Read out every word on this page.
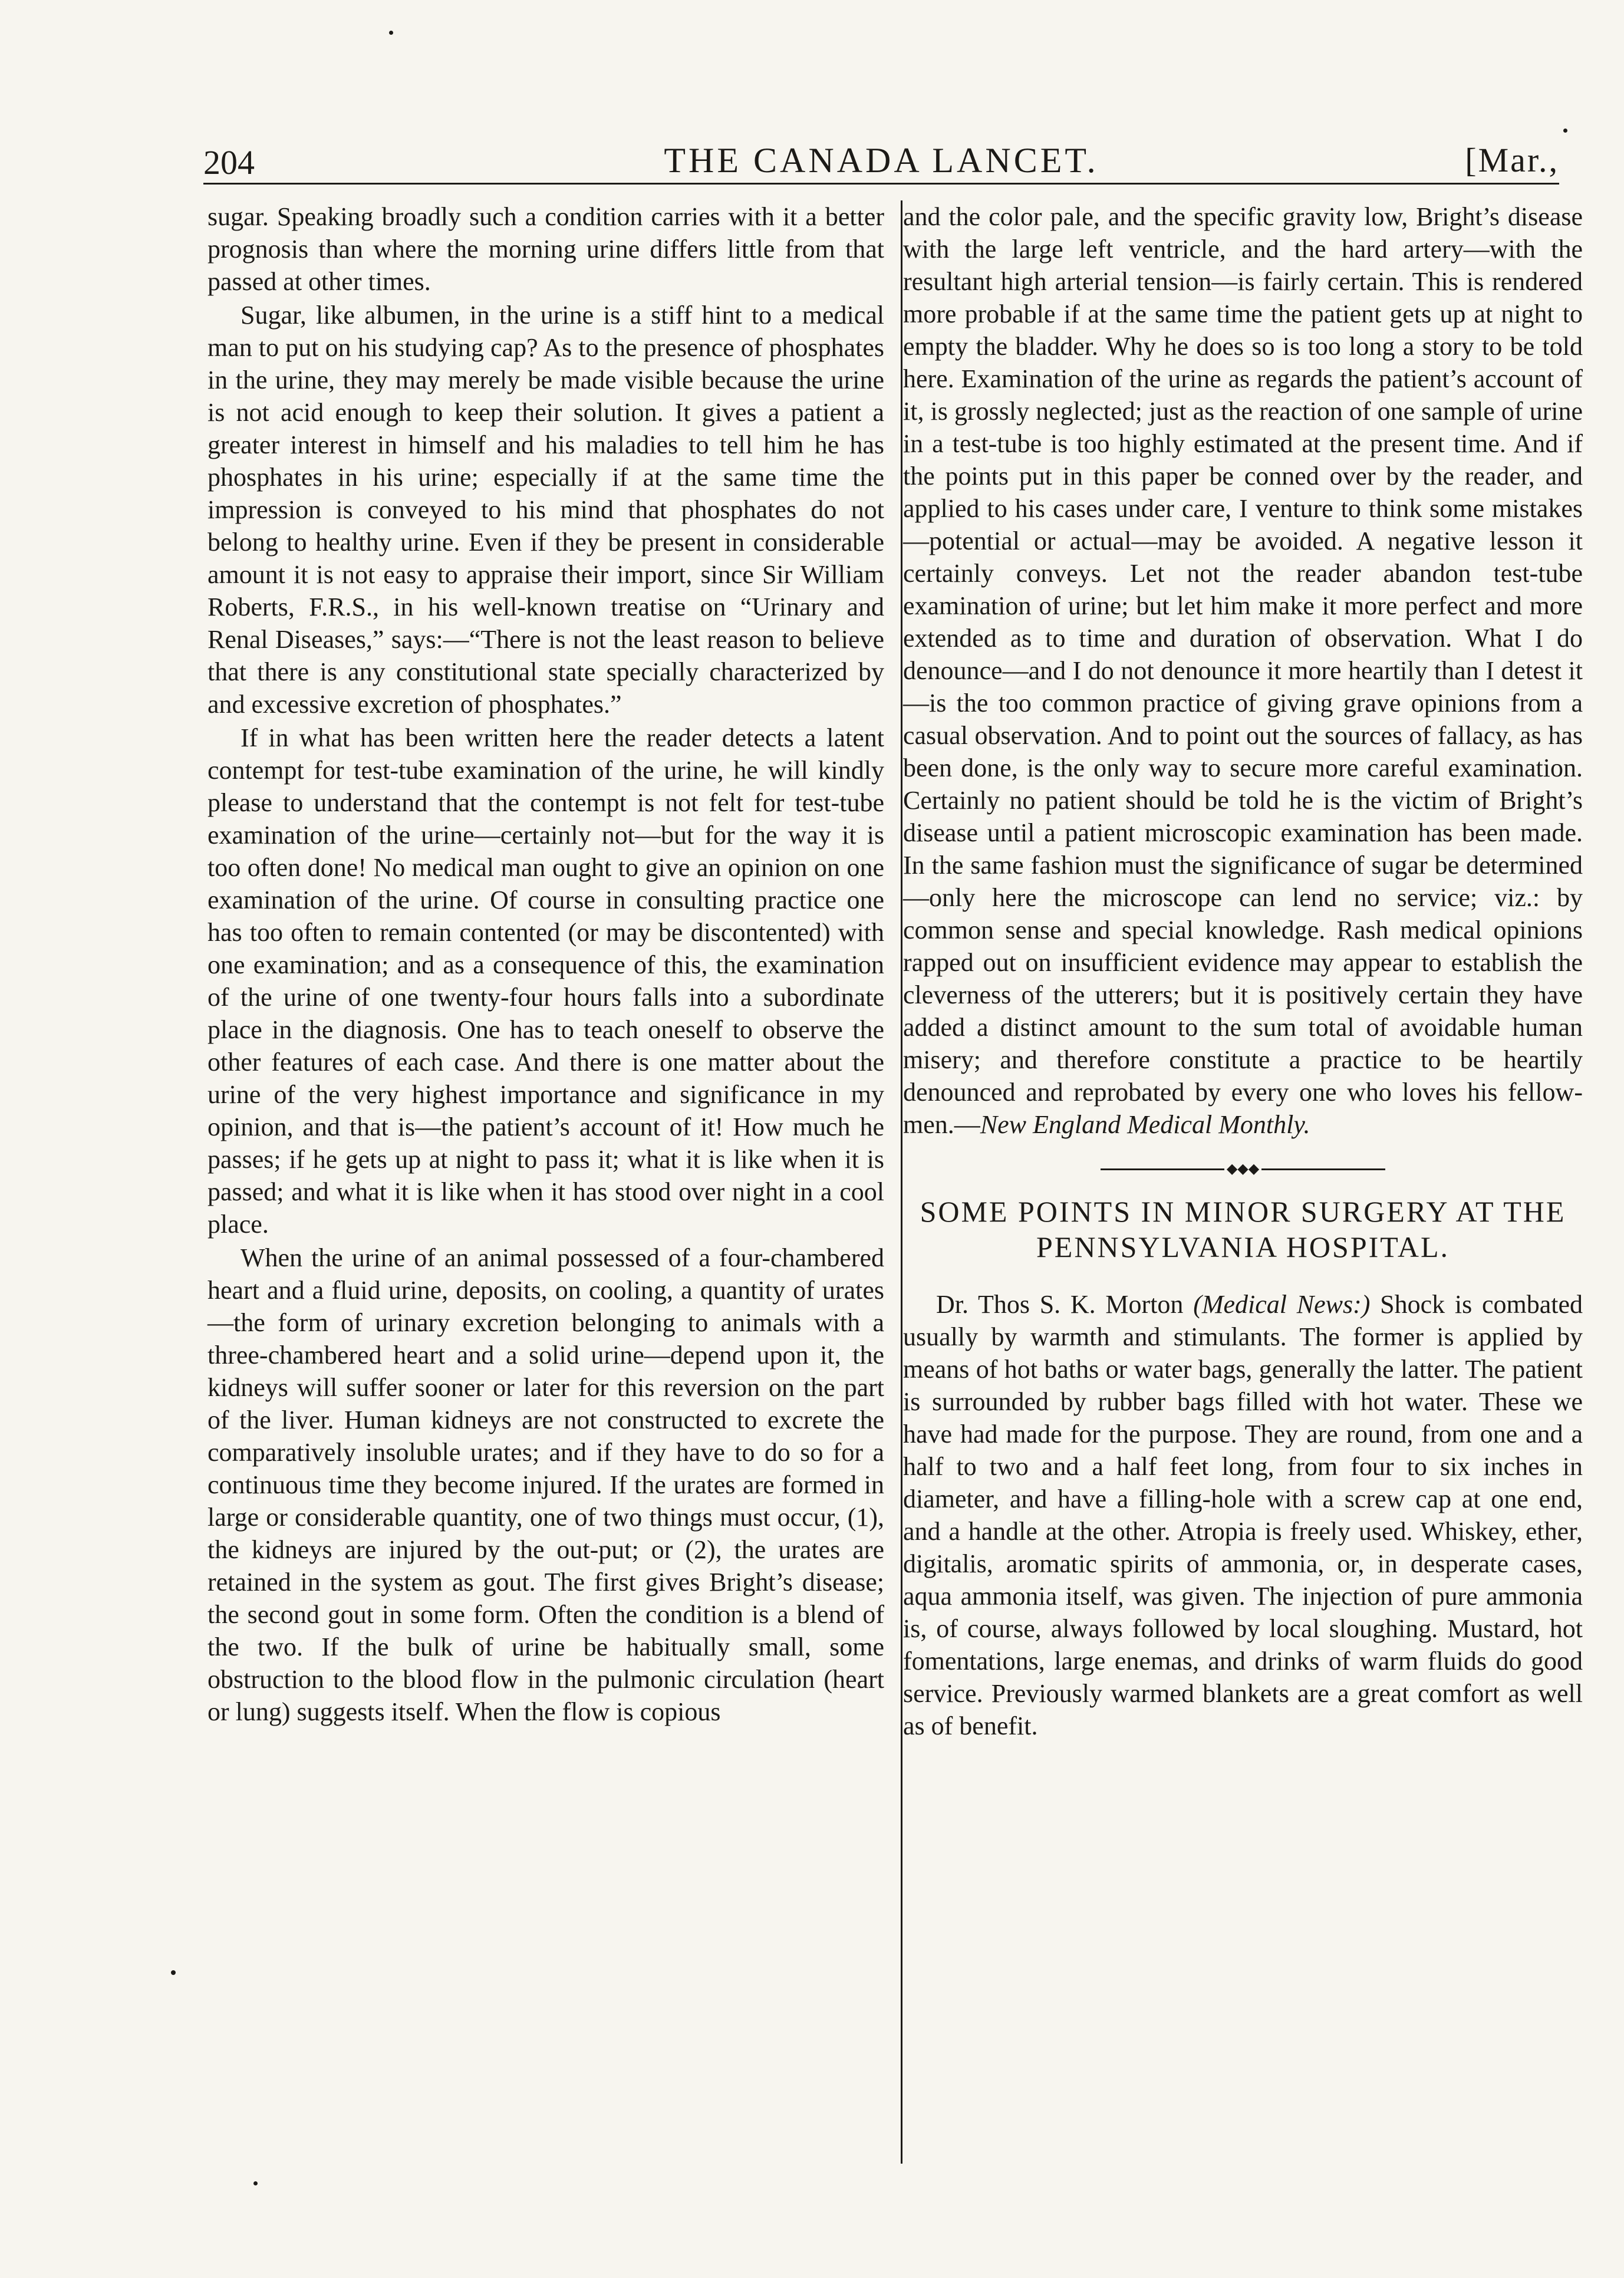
204	THE CANADA LANCET.	[Mar.,

sugar. Speaking broadly such a condition carries with it a better prognosis than where the morning urine differs little from that passed at other times.

Sugar, like albumen, in the urine is a stiff hint to a medical man to put on his studying cap? As to the presence of phosphates in the urine, they may merely be made visible because the urine is not acid enough to keep their solution. It gives a patient a greater interest in himself and his maladies to tell him he has phosphates in his urine; especially if at the same time the impression is conveyed to his mind that phosphates do not belong to healthy urine. Even if they be present in considerable amount it is not easy to appraise their import, since Sir William Roberts, F.R.S., in his well-known treatise on “Urinary and Renal Diseases,” says:—“There is not the least reason to believe that there is any constitutional state specially characterized by and excessive excretion of phosphates.”

If in what has been written here the reader detects a latent contempt for test-tube examination of the urine, he will kindly please to understand that the contempt is not felt for test-tube examination of the urine—certainly not—but for the way it is too often done! No medical man ought to give an opinion on one examination of the urine. Of course in consulting practice one has too often to remain contented (or may be discontented) with one examination; and as a consequence of this, the examination of the urine of one twenty-four hours falls into a subordinate place in the diagnosis. One has to teach oneself to observe the other features of each case. And there is one matter about the urine of the very highest importance and significance in my opinion, and that is—the patient’s account of it! How much he passes; if he gets up at night to pass it; what it is like when it is passed; and what it is like when it has stood over night in a cool place.

When the urine of an animal possessed of a four-chambered heart and a fluid urine, deposits, on cooling, a quantity of urates—the form of urinary excretion belonging to animals with a three-chambered heart and a solid urine—depend upon it, the kidneys will suffer sooner or later for this reversion on the part of the liver. Human kidneys are not constructed to excrete the comparatively insoluble urates; and if they have to do so for a continuous time they become injured. If the urates are formed in large or considerable quantity, one of two things must occur, (1), the kidneys are injured by the out-put; or (2), the urates are retained in the system as gout. The first gives Bright’s disease; the second gout in some form. Often the condition is a blend of the two. If the bulk of urine be habitually small, some obstruction to the blood flow in the pulmonic circulation (heart or lung) suggests itself. When the flow is copious

and the color pale, and the specific gravity low, Bright’s disease with the large left ventricle, and the hard artery—with the resultant high arterial tension—is fairly certain. This is rendered more probable if at the same time the patient gets up at night to empty the bladder. Why he does so is too long a story to be told here. Examination of the urine as regards the patient’s account of it, is grossly neglected; just as the reaction of one sample of urine in a test-tube is too highly estimated at the present time. And if the points put in this paper be conned over by the reader, and applied to his cases under care, I venture to think some mistakes—potential or actual—may be avoided. A negative lesson it certainly conveys. Let not the reader abandon test-tube examination of urine; but let him make it more perfect and more extended as to time and duration of observation. What I do denounce—and I do not denounce it more heartily than I detest it—is the too common practice of giving grave opinions from a casual observation. And to point out the sources of fallacy, as has been done, is the only way to secure more careful examination. Certainly no patient should be told he is the victim of Bright’s disease until a patient microscopic examination has been made. In the same fashion must the significance of sugar be determined—only here the microscope can lend no service; viz.: by common sense and special knowledge. Rash medical opinions rapped out on insufficient evidence may appear to establish the cleverness of the utterers; but it is positively certain they have added a distinct amount to the sum total of avoidable human misery; and therefore constitute a practice to be heartily denounced and reprobated by every one who loves his fellow-men.—New England Medical Monthly.

◆◆◆
SOME POINTS IN MINOR SURGERY AT THE PENNSYLVANIA HOSPITAL.

Dr. Thos S. K. Morton (Medical News:) Shock is combated usually by warmth and stimulants. The former is applied by means of hot baths or water bags, generally the latter. The patient is surrounded by rubber bags filled with hot water. These we have had made for the purpose. They are round, from one and a half to two and a half feet long, from four to six inches in diameter, and have a filling-hole with a screw cap at one end, and a handle at the other. Atropia is freely used. Whiskey, ether, digitalis, aromatic spirits of ammonia, or, in desperate cases, aqua ammonia itself, was given. The injection of pure ammonia is, of course, always followed by local sloughing. Mustard, hot fomentations, large enemas, and drinks of warm fluids do good service. Previously warmed blankets are a great comfort as well as of benefit.
